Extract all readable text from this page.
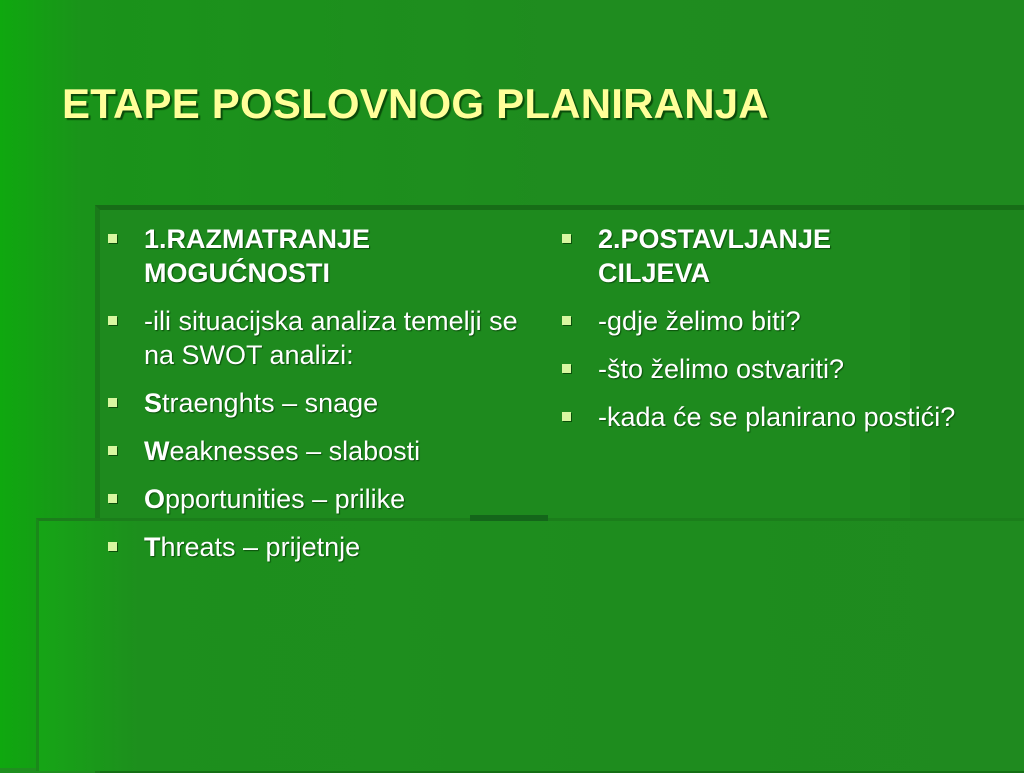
ETAPE POSLOVNOG PLANIRANJA
1.RAZMATRANJE
MOGUĆNOSTI
-ili situacijska analiza temelji se na SWOT analizi:
Straenghts – snage
Weaknesses – slabosti
Opportunities – prilike
Threats – prijetnje
2.POSTAVLJANJE
CILJEVA
-gdje želimo biti?
-što želimo ostvariti?
-kada će se planirano postići?
